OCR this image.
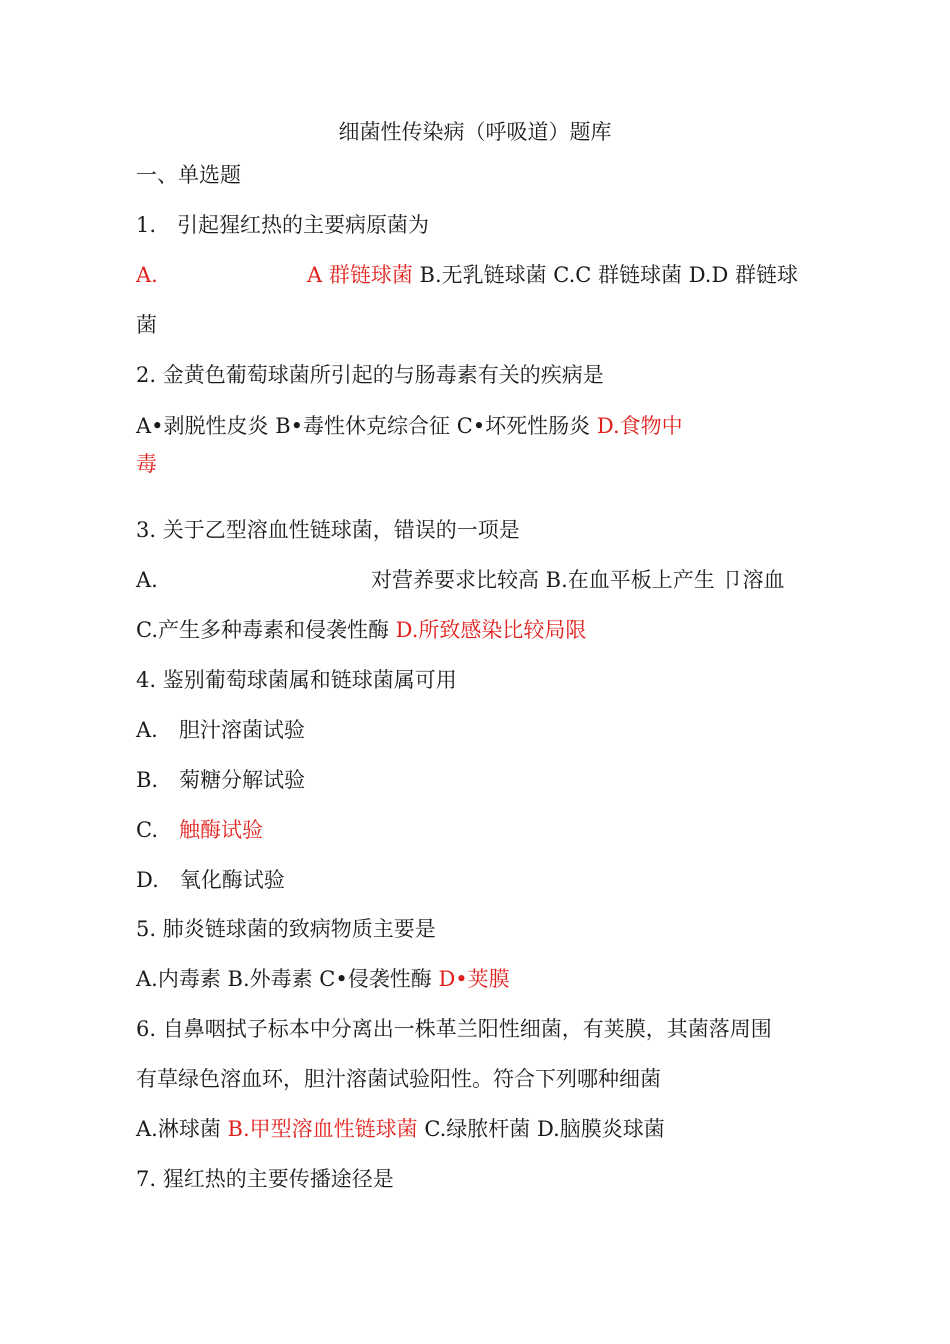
细菌性传染病（呼吸道）题库
一、单选题
1.　引起猩红热的主要病原菌为
A.	A 群链球菌 B.无乳链球菌 C.C 群链球菌 D.D 群链球
菌
2. 金黄色葡萄球菌所引起的与肠毒素有关的疾病是
A•剥脱性皮炎 B•毒性休克综合征 C•坏死性肠炎 D.食物中
毒
3. 关于乙型溶血性链球菌，错误的一项是
A.	对营养要求比较高 B.在血平板上产生 卩溶血
C.产生多种毒素和侵袭性酶 D.所致感染比较局限
4. 鉴别葡萄球菌属和链球菌属可用
A.　胆汁溶菌试验
B.　菊糖分解试验
C.　触酶试验
D.　氧化酶试验
5. 肺炎链球菌的致病物质主要是
A.内毒素 B.外毒素 C•侵袭性酶 D•荚膜
6. 自鼻咽拭子标本中分离出一株革兰阳性细菌，有荚膜，其菌落周围
有草绿色溶血环，胆汁溶菌试验阳性。符合下列哪种细菌
A.淋球菌 B.甲型溶血性链球菌 C.绿脓杆菌 D.脑膜炎球菌
7. 猩红热的主要传播途径是
